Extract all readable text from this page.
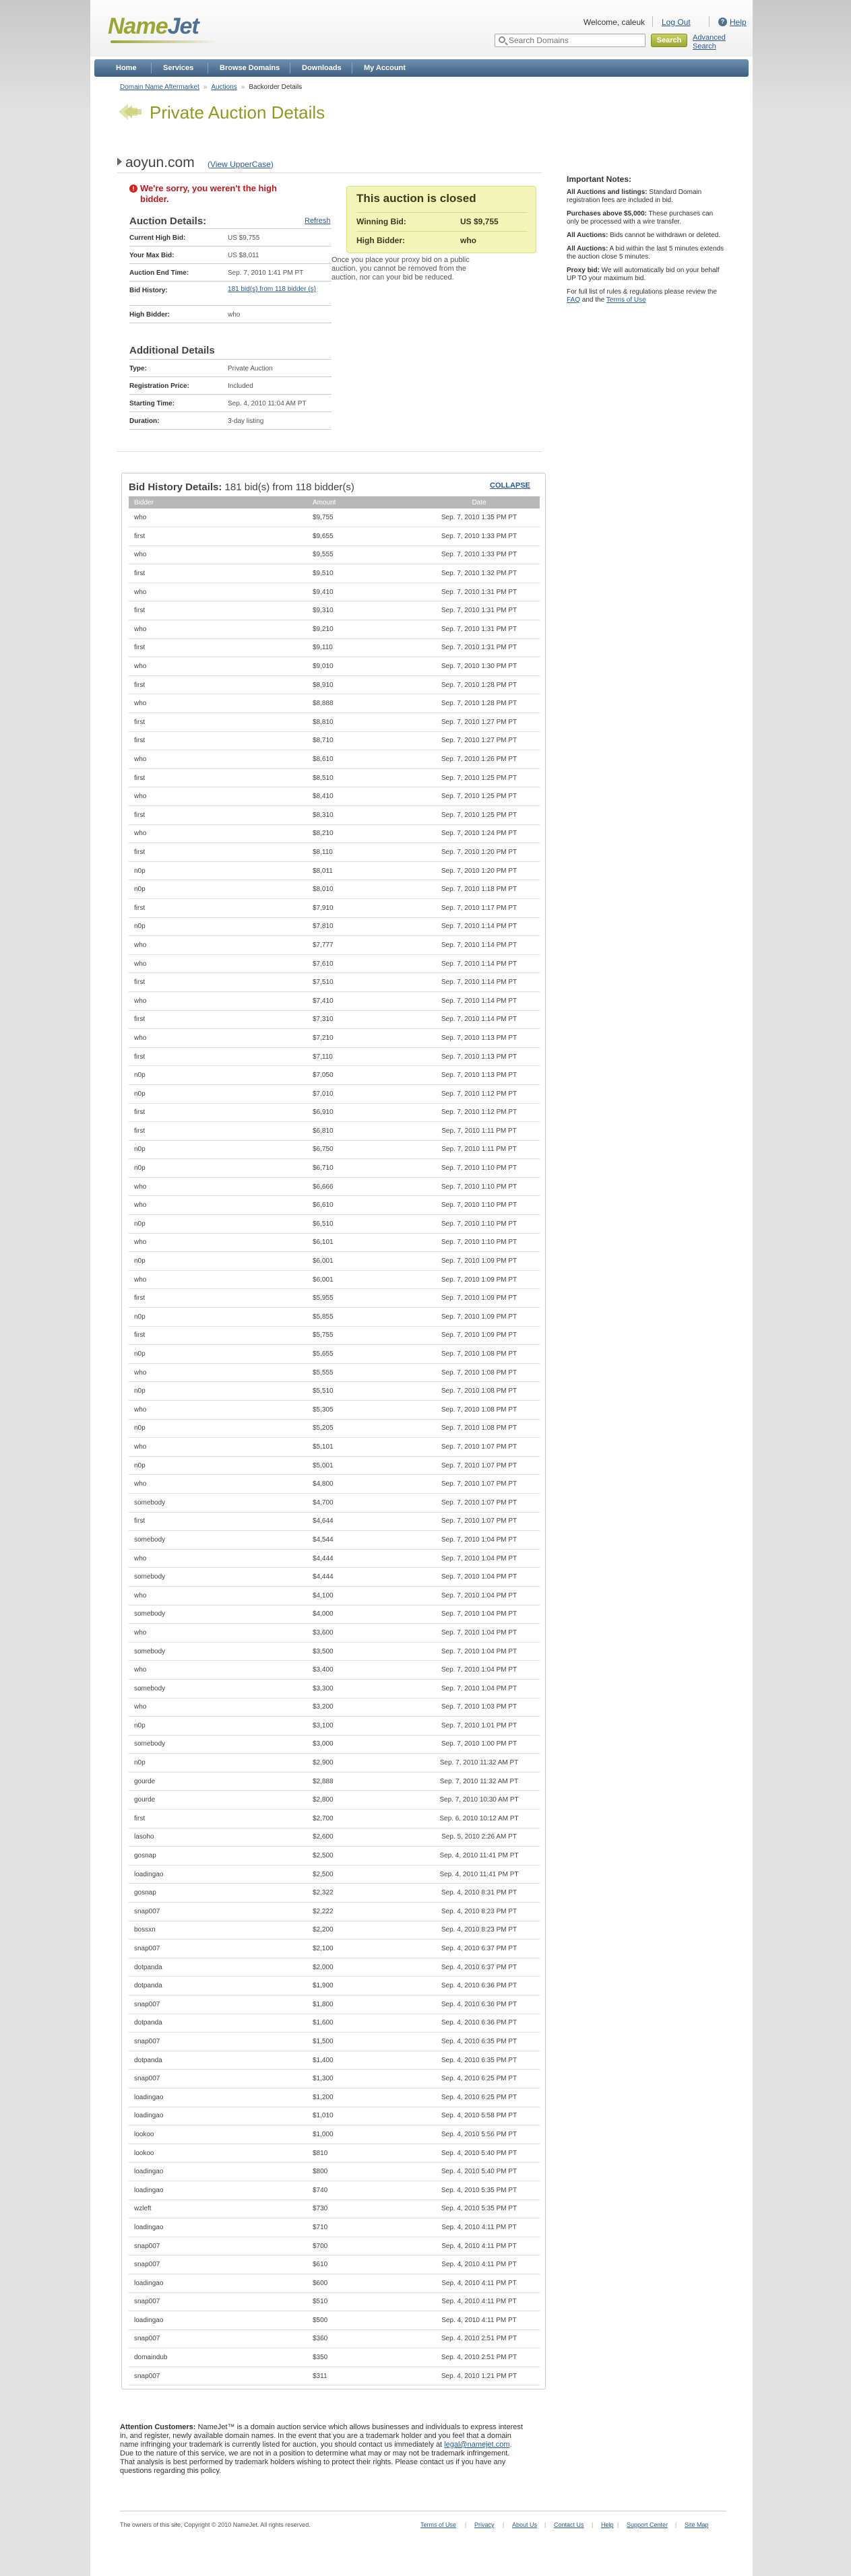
NameJet	Welcome, caleuk Log Out	? Help
Search Domains
Search	Advanced Search
Home	Services	Browse Domains	Downloads	My Account
Domain Name Aftermarket » Auctions » Backorder Details
Private Auction Details
aoyun.com (View UpperCase)
! We're sorry, you weren't the high bidder.
Auction Details:	Refresh
Current High Bid:	US $9,755
Your Max Bid:	US $8,011
Auction End Time:	Sep. 7, 2010 1:41 PM PT
Bid History:	181 bid(s) from 118 bidder (s)
High Bidder:	who
Additional Details
Type:	Private Auction
Registration Price:	Included
Starting Time:	Sep. 4, 2010 11:04 AM PT
Duration:	3-day listing
This auction is closed
Winning Bid:	US $9,755
High Bidder:	who
Once you place your proxy bid on a public auction, you cannot be removed from the auction, nor can your bid be reduced.
Important Notes:

All Auctions and listings: Standard Domain registration fees are included in bid.

Purchases above $5,000: These purchases can only be processed with a wire transfer.

All Auctions: Bids cannot be withdrawn or deleted.

All Auctions: A bid within the last 5 minutes extends the auction close 5 minutes.

Proxy bid: We will automatically bid on your behalf UP TO your maximum bid.

For full list of rules & regulations please review the FAQ and the Terms of Use

Bid History Details: 181 bid(s) from 118 bidder(s)	COLLAPSE
Bidder	Amount	Date
who	$9,755	Sep. 7, 2010 1:35 PM PT
first	$9,655	Sep. 7, 2010 1:33 PM PT
who	$9,555	Sep. 7, 2010 1:33 PM PT
first	$9,510	Sep. 7, 2010 1:32 PM PT
who	$9,410	Sep. 7, 2010 1:31 PM PT
first	$9,310	Sep. 7, 2010 1:31 PM PT
who	$9,210	Sep. 7, 2010 1:31 PM PT
first	$9,110	Sep. 7, 2010 1:31 PM PT
who	$9,010	Sep. 7, 2010 1:30 PM PT
first	$8,910	Sep. 7, 2010 1:28 PM PT
who	$8,888	Sep. 7, 2010 1:28 PM PT
first	$8,810	Sep. 7, 2010 1:27 PM PT
first	$8,710	Sep. 7, 2010 1:27 PM PT
who	$8,610	Sep. 7, 2010 1:26 PM PT
first	$8,510	Sep. 7, 2010 1:25 PM PT
who	$8,410	Sep. 7, 2010 1:25 PM PT
first	$8,310	Sep. 7, 2010 1:25 PM PT
who	$8,210	Sep. 7, 2010 1:24 PM PT
first	$8,110	Sep. 7, 2010 1:20 PM PT
n0p	$8,011	Sep. 7, 2010 1:20 PM PT
n0p	$8,010	Sep. 7, 2010 1:18 PM PT
first	$7,910	Sep. 7, 2010 1:17 PM PT
n0p	$7,810	Sep. 7, 2010 1:14 PM PT
who	$7,777	Sep. 7, 2010 1:14 PM PT
who	$7,610	Sep. 7, 2010 1:14 PM PT
first	$7,510	Sep. 7, 2010 1:14 PM PT
who	$7,410	Sep. 7, 2010 1:14 PM PT
first	$7,310	Sep. 7, 2010 1:14 PM PT
who	$7,210	Sep. 7, 2010 1:13 PM PT
first	$7,110	Sep. 7, 2010 1:13 PM PT
n0p	$7,050	Sep. 7, 2010 1:13 PM PT
n0p	$7,010	Sep. 7, 2010 1:12 PM PT
first	$6,910	Sep. 7, 2010 1:12 PM PT
first	$6,810	Sep. 7, 2010 1:11 PM PT
n0p	$6,750	Sep. 7, 2010 1:11 PM PT
n0p	$6,710	Sep. 7, 2010 1:10 PM PT
who	$6,666	Sep. 7, 2010 1:10 PM PT
who	$6,610	Sep. 7, 2010 1:10 PM PT
n0p	$6,510	Sep. 7, 2010 1:10 PM PT
who	$6,101	Sep. 7, 2010 1:10 PM PT
n0p	$6,001	Sep. 7, 2010 1:09 PM PT
who	$6,001	Sep. 7, 2010 1:09 PM PT
first	$5,955	Sep. 7, 2010 1:09 PM PT
n0p	$5,855	Sep. 7, 2010 1:09 PM PT
first	$5,755	Sep. 7, 2010 1:09 PM PT
n0p	$5,655	Sep. 7, 2010 1:08 PM PT
who	$5,555	Sep. 7, 2010 1:08 PM PT
n0p	$5,510	Sep. 7, 2010 1:08 PM PT
who	$5,305	Sep. 7, 2010 1:08 PM PT
n0p	$5,205	Sep. 7, 2010 1:08 PM PT
who	$5,101	Sep. 7, 2010 1:07 PM PT
n0p	$5,001	Sep. 7, 2010 1:07 PM PT
who	$4,800	Sep. 7, 2010 1:07 PM PT
somebody	$4,700	Sep. 7, 2010 1:07 PM PT
first	$4,644	Sep. 7, 2010 1:07 PM PT
somebody	$4,544	Sep. 7, 2010 1:04 PM PT
who	$4,444	Sep. 7, 2010 1:04 PM PT
somebody	$4,444	Sep. 7, 2010 1:04 PM PT
who	$4,100	Sep. 7, 2010 1:04 PM PT
somebody	$4,000	Sep. 7, 2010 1:04 PM PT
who	$3,600	Sep. 7, 2010 1:04 PM PT
somebody	$3,500	Sep. 7, 2010 1:04 PM PT
who	$3,400	Sep. 7, 2010 1:04 PM PT
somebody	$3,300	Sep. 7, 2010 1:04 PM PT
who	$3,200	Sep. 7, 2010 1:03 PM PT
n0p	$3,100	Sep. 7, 2010 1:01 PM PT
somebody	$3,000	Sep. 7, 2010 1:00 PM PT
n0p	$2,900	Sep. 7, 2010 11:32 AM PT
gourde	$2,888	Sep. 7, 2010 11:32 AM PT
gourde	$2,800	Sep. 7, 2010 10:30 AM PT
first	$2,700	Sep. 6, 2010 10:12 AM PT
lasoho	$2,600	Sep. 5, 2010 2:26 AM PT
gosnap	$2,500	Sep. 4, 2010 11:41 PM PT
loadingao	$2,500	Sep. 4, 2010 11:41 PM PT
gosnap	$2,322	Sep. 4, 2010 8:31 PM PT
snap007	$2,222	Sep. 4, 2010 8:23 PM PT
bossxn	$2,200	Sep. 4, 2010 8:23 PM PT
snap007	$2,100	Sep. 4, 2010 6:37 PM PT
dotpanda	$2,000	Sep. 4, 2010 6:37 PM PT
dotpanda	$1,900	Sep. 4, 2010 6:36 PM PT
snap007	$1,800	Sep. 4, 2010 6:36 PM PT
dotpanda	$1,600	Sep. 4, 2010 6:36 PM PT
snap007	$1,500	Sep. 4, 2010 6:35 PM PT
dotpanda	$1,400	Sep. 4, 2010 6:35 PM PT
snap007	$1,300	Sep. 4, 2010 6:25 PM PT
loadingao	$1,200	Sep. 4, 2010 6:25 PM PT
loadingao	$1,010	Sep. 4, 2010 5:58 PM PT
lookoo	$1,000	Sep. 4, 2010 5:56 PM PT
lookoo	$810	Sep. 4, 2010 5:40 PM PT
loadingao	$800	Sep. 4, 2010 5:40 PM PT
loadingao	$740	Sep. 4, 2010 5:35 PM PT
wzleft	$730	Sep. 4, 2010 5:35 PM PT
loadingao	$710	Sep. 4, 2010 4:11 PM PT
snap007	$700	Sep. 4, 2010 4:11 PM PT
snap007	$610	Sep. 4, 2010 4:11 PM PT
loadingao	$600	Sep. 4, 2010 4:11 PM PT
snap007	$510	Sep. 4, 2010 4:11 PM PT
loadingao	$500	Sep. 4, 2010 4:11 PM PT
snap007	$360	Sep. 4, 2010 2:51 PM PT
domaindub	$350	Sep. 4, 2010 2:51 PM PT
snap007	$311	Sep. 4, 2010 1:21 PM PT
Attention Customers: NameJet™ is a domain auction service which allows businesses and individuals to express interest in, and register, newly available domain names. In the event that you are a trademark holder and you feel that a domain name infringing your trademark is currently listed for auction, you should contact us immediately at legal@namejet.com. Due to the nature of this service, we are not in a position to determine what may or may not be trademark infringement. That analysis is best performed by trademark holders wishing to protect their rights. Please contact us if you have any questions regarding this policy.
The owners of this site, Copyright © 2010 NameJet. All rights reserved.	Terms of Use | Privacy | About Us | Contact Us | Help | Support Center | Site Map
